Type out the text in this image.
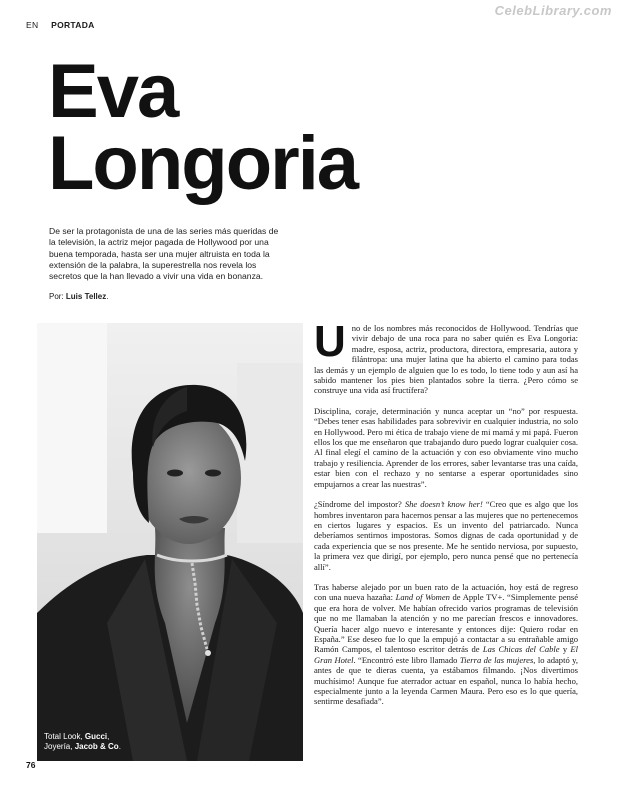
EN PORTADA
CelebLibrary.com
Eva
Longoria
De ser la protagonista de una de las series más queridas de la televisión, la actriz mejor pagada de Hollywood por una buena temporada, hasta ser una mujer altruista en toda la extensión de la palabra, la superestrella nos revela los secretos que la han llevado a vivir una vida en bonanza.
Por: Luis Tellez.
Total Look, Gucci,
Joyería, Jacob & Co.
76

Uno de los nombres más reconocidos de Hollywood. Tendrías que vivir debajo de una roca para no saber quién es Eva Longoria: madre, esposa, actriz, productora, directora, empresaria, autora y filántropa: una mujer latina que ha abierto el camino para todas las demás y un ejemplo de alguien que lo es todo, lo tiene todo y aun así ha sabido mantener los pies bien plantados sobre la tierra. ¿Pero cómo se construye una vida así fructífera?

Disciplina, coraje, determinación y nunca aceptar un “no” por respuesta. “Debes tener esas habilidades para sobrevivir en cualquier industria, no solo en Hollywood. Pero mi ética de trabajo viene de mi mamá y mi papá. Fueron ellos los que me enseñaron que trabajando duro puedo lograr cualquier cosa. Al final elegí el camino de la actuación y con eso obviamente vino mucho trabajo y resiliencia. Aprender de los errores, saber levantarse tras una caída, estar bien con el rechazo y no sentarse a esperar oportunidades sino empujarnos a crear las nuestras”.

¿Síndrome del impostor? She doesn’t know her! “Creo que es algo que los hombres inventaron para hacernos pensar a las mujeres que no pertenecemos en ciertos lugares y espacios. Es un invento del patriarcado. Nunca deberíamos sentirnos impostoras. Somos dignas de cada oportunidad y de cada experiencia que se nos presente. Me he sentido nerviosa, por supuesto, la primera vez que dirigí, por ejemplo, pero nunca pensé que no pertenecía allí”.

Tras haberse alejado por un buen rato de la actuación, hoy está de regreso con una nueva hazaña: Land of Women de Apple TV+. “Simplemente pensé que era hora de volver. Me habían ofrecido varios programas de televisión que no me llamaban la atención y no me parecían frescos e innovadores. Quería hacer algo nuevo e interesante y entonces dije: Quiero rodar en España.” Ese deseo fue lo que la empujó a contactar a su entrañable amigo Ramón Campos, el talentoso escritor detrás de Las Chicas del Cable y El Gran Hotel. “Encontró este libro llamado Tierra de las mujeres, lo adaptó y, antes de que te dieras cuenta, ya estábamos filmando. ¡Nos divertimos muchísimo! Aunque fue aterrador actuar en español, nunca lo había hecho, especialmente junto a la leyenda Carmen Maura. Pero eso es lo que quería, sentirme desafiada”.
